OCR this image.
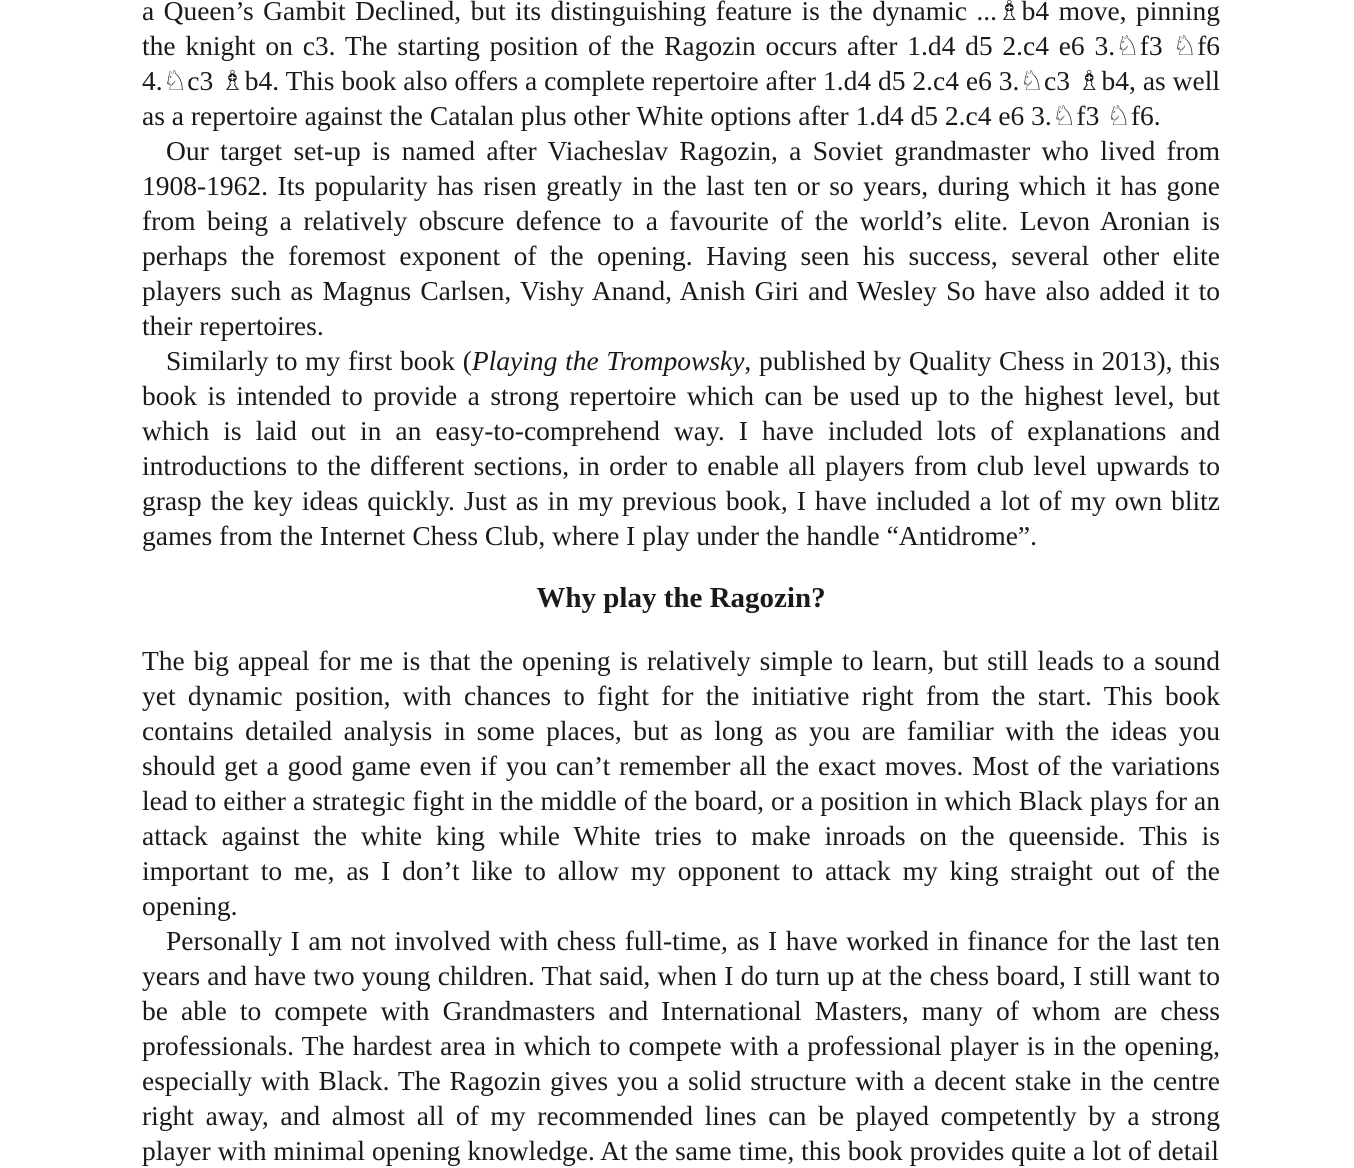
a Queen’s Gambit Declined, but its distinguishing feature is the dynamic ...♗b4 move, pinning the knight on c3. The starting position of the Ragozin occurs after 1.d4 d5 2.c4 e6 3.♘f3 ♘f6 4.♘c3 ♗b4. This book also offers a complete repertoire after 1.d4 d5 2.c4 e6 3.♘c3 ♗b4, as well as a repertoire against the Catalan plus other White options after 1.d4 d5 2.c4 e6 3.♘f3 ♘f6.

Our target set-up is named after Viacheslav Ragozin, a Soviet grandmaster who lived from 1908-1962. Its popularity has risen greatly in the last ten or so years, during which it has gone from being a relatively obscure defence to a favourite of the world’s elite. Levon Aronian is perhaps the foremost exponent of the opening. Having seen his success, several other elite players such as Magnus Carlsen, Vishy Anand, Anish Giri and Wesley So have also added it to their repertoires.

Similarly to my first book (Playing the Trompowsky, published by Quality Chess in 2013), this book is intended to provide a strong repertoire which can be used up to the highest level, but which is laid out in an easy-to-comprehend way. I have included lots of explanations and introductions to the different sections, in order to enable all players from club level upwards to grasp the key ideas quickly. Just as in my previous book, I have included a lot of my own blitz games from the Internet Chess Club, where I play under the handle “Antidrome”.

Why play the Ragozin?

The big appeal for me is that the opening is relatively simple to learn, but still leads to a sound yet dynamic position, with chances to fight for the initiative right from the start. This book contains detailed analysis in some places, but as long as you are familiar with the ideas you should get a good game even if you can’t remember all the exact moves. Most of the variations lead to either a strategic fight in the middle of the board, or a position in which Black plays for an attack against the white king while White tries to make inroads on the queenside. This is important to me, as I don’t like to allow my opponent to attack my king straight out of the opening.

Personally I am not involved with chess full-time, as I have worked in finance for the last ten years and have two young children. That said, when I do turn up at the chess board, I still want to be able to compete with Grandmasters and International Masters, many of whom are chess professionals. The hardest area in which to compete with a professional player is in the opening, especially with Black. The Ragozin gives you a solid structure with a decent stake in the centre right away, and almost all of my recommended lines can be played competently by a strong player with minimal opening knowledge. At the same time, this book provides quite a lot of detail
